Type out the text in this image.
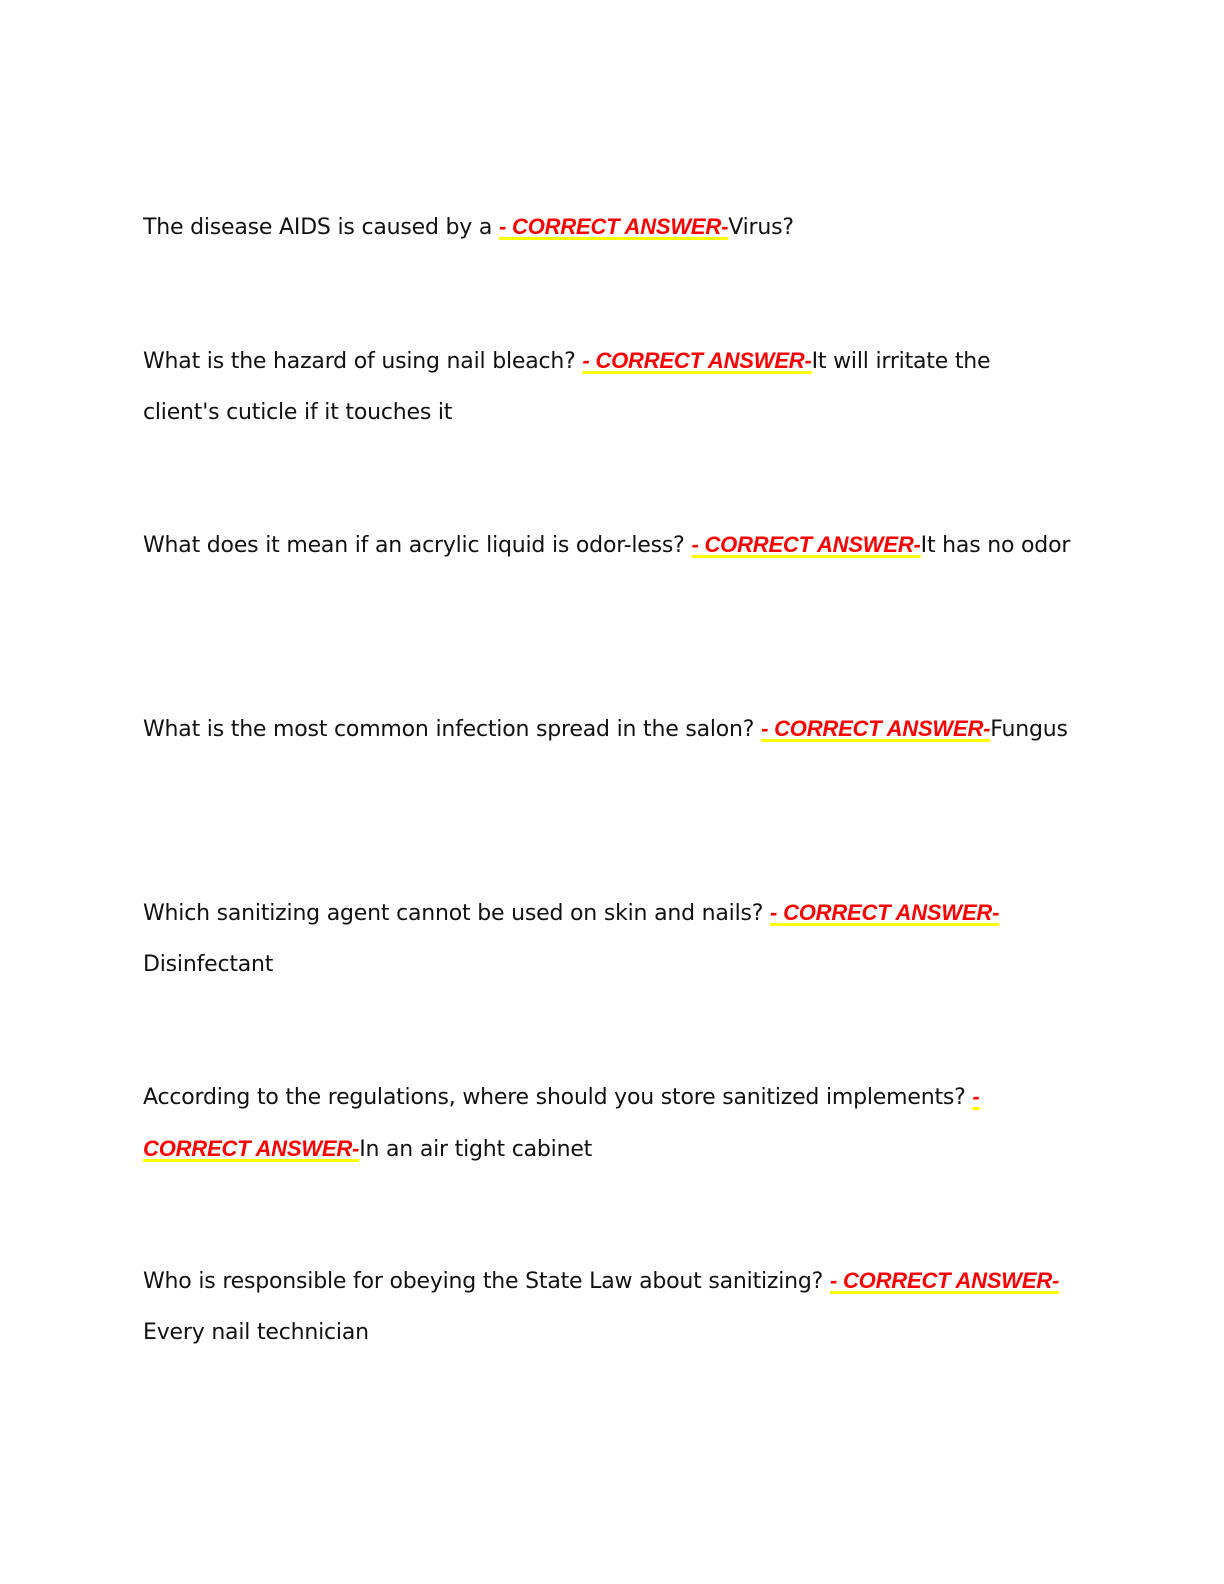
The disease AIDS is caused by a - CORRECT ANSWER-Virus?

What is the hazard of using nail bleach? - CORRECT ANSWER-It will irritate the client's cuticle if it touches it

What does it mean if an acrylic liquid is odor-less? - CORRECT ANSWER-It has no odor

What is the most common infection spread in the salon? - CORRECT ANSWER-Fungus

Which sanitizing agent cannot be used on skin and nails? - CORRECT ANSWER-Disinfectant

According to the regulations, where should you store sanitized implements? - CORRECT ANSWER-In an air tight cabinet

Who is responsible for obeying the State Law about sanitizing? - CORRECT ANSWER-Every nail technician
